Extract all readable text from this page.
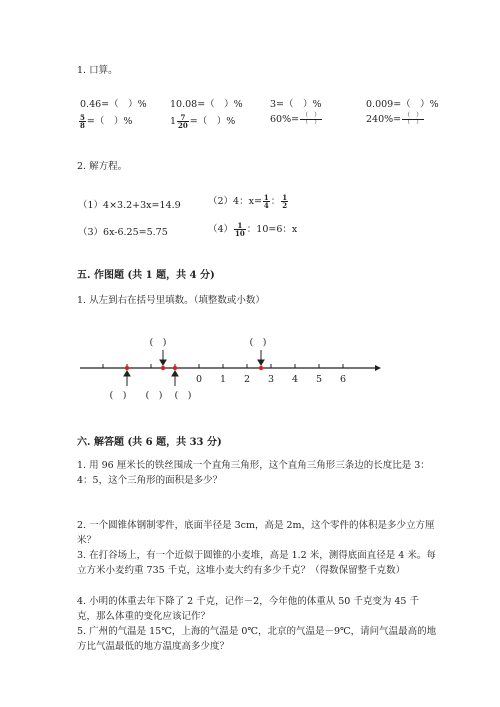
1. 口算。
0.46=（　）% 10.08=（　）%	3=（　）%	0.009=（　）%
$\frac{5}{8}$ =（　）%	$1 \frac{7}{20}$ =（　）%	$60\%= \frac{( )}{( )}$	$240\%= \frac{( )}{( )}$
2. 解方程。
（1）4×3.2+3x=14.9	（2）4：$x= \frac{1}{4}$ ： $\frac{1}{2}$
（3）6x-6.25=5.75	$(4) \frac{1}{10}$ ：10=6：x
五. 作图题 (共 1 题，共 4 分)
1. 从左到右在括号里填数。（填整数或小数）
0 1 2 3 4 5 6
(　)	(　)
(　) (　) (　)
六. 解答题 (共 6 题，共 33 分)
1. 用 96 厘米长的铁丝围成一个直角三角形，这个直角三角形三条边的长度比是 3：4：5，这个三角形的面积是多少？
2. 一个圆锥体钢制零件，底面半径是 3cm，高是 2m，这个零件的体积是多少立方厘米？
3. 在打谷场上，有一个近似于圆锥的小麦堆，高是 1.2 米，测得底面直径是 4 米。每立方米小麦约重 735 千克，这堆小麦大约有多少千克？（得数保留整千克数）
4. 小明的体重去年下降了 2 千克，记作－2，今年他的体重从 50 千克变为 45 千克，那么体重的变化应该记作？
5. 广州的气温是 15℃，上海的气温是 0℃，北京的气温是－9℃，请问气温最高的地方比气温最低的地方温度高多少度？
